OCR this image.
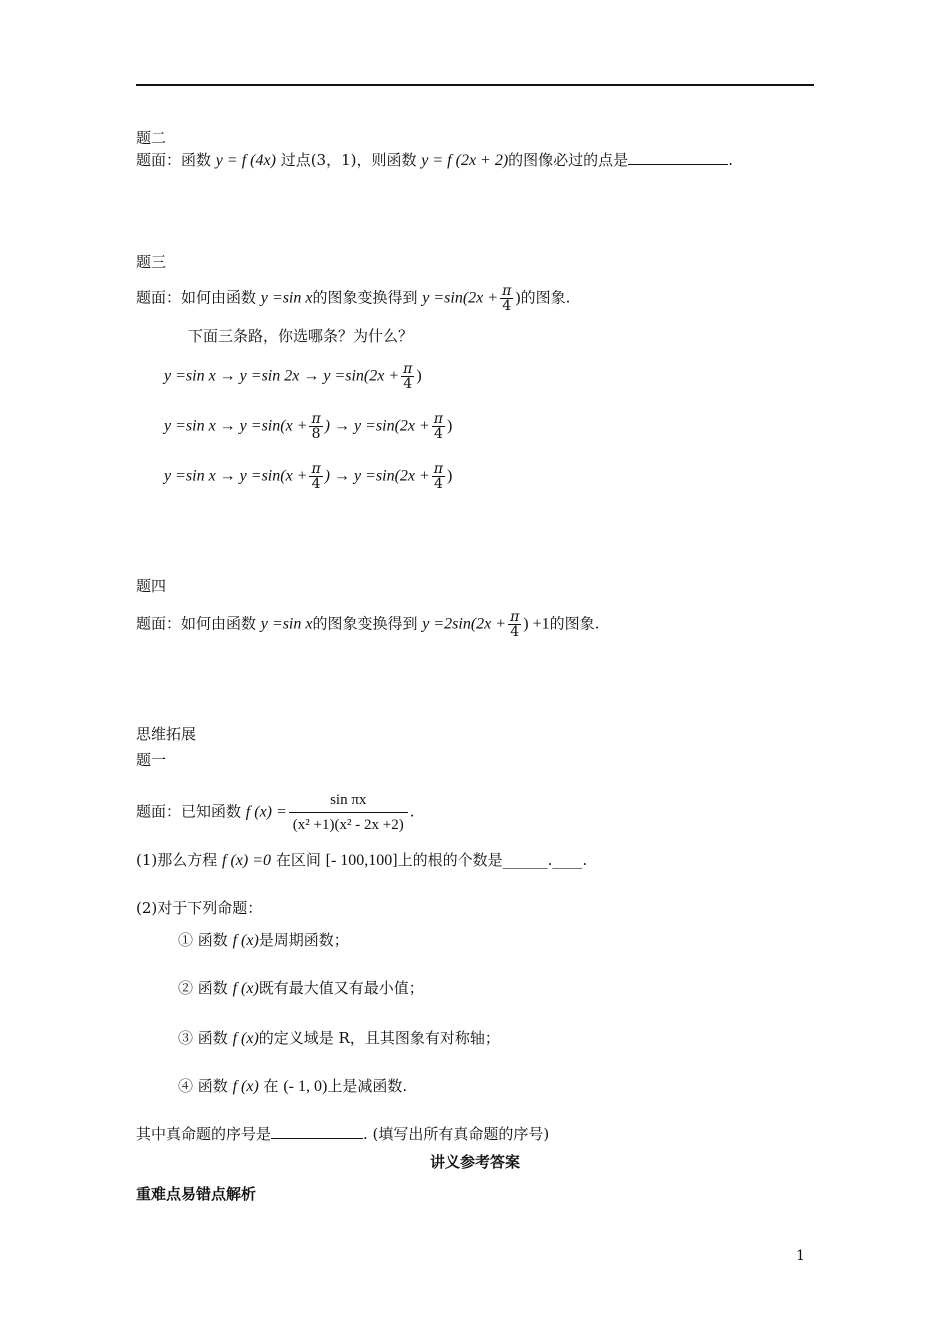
题二
题面：函数 y = f (4x) 过点(3，1)，则函数 y = f (2x + 2)的图像必过的点是	.
题三
题面：如何由函数 y =sin x的图象变换得到 $y =\sin(2x + \frac{\pi}{4}$ )的图象.
下面三条路，你选哪条？为什么？
y =sin x → y =sin $2x \to y =\sin(2x + \frac{\pi}{4}$ )
y =sin $x \to y =\sin(x + \frac{\pi}{8}$ ) → $y =\sin(2x + \frac{\pi}{4}$ )
y =sin $x \to y =\sin(x + \frac{\pi}{4}$ ) → $y =\sin(2x + \frac{\pi}{4}$ )
题四
题面：如何由函数 y =sin x的图象变换得到 $y =2\sin(2x + \frac{\pi}{4}$ ) +1的图象.
思维拓展
题一
题面：已知函数 f $(x) = \frac{\text{sin πx}}{\text{(x² +1)(x² - 2x +2)}}$ .
(1)那么方程 f (x) =0 在区间 [- 100,100]上的根的个数是______.____.
(2)对于下列命题：
① 函数 f (x)是周期函数；
② 函数 f (x)既有最大值又有最小值；
③ 函数 f (x)的定义域是 R，且其图象有对称轴；
④ 函数 f (x) 在 (- 1, 0)上是减函数.
其中真命题的序号是	. (填写出所有真命题的序号)
讲义参考答案
重难点易错点解析
1
